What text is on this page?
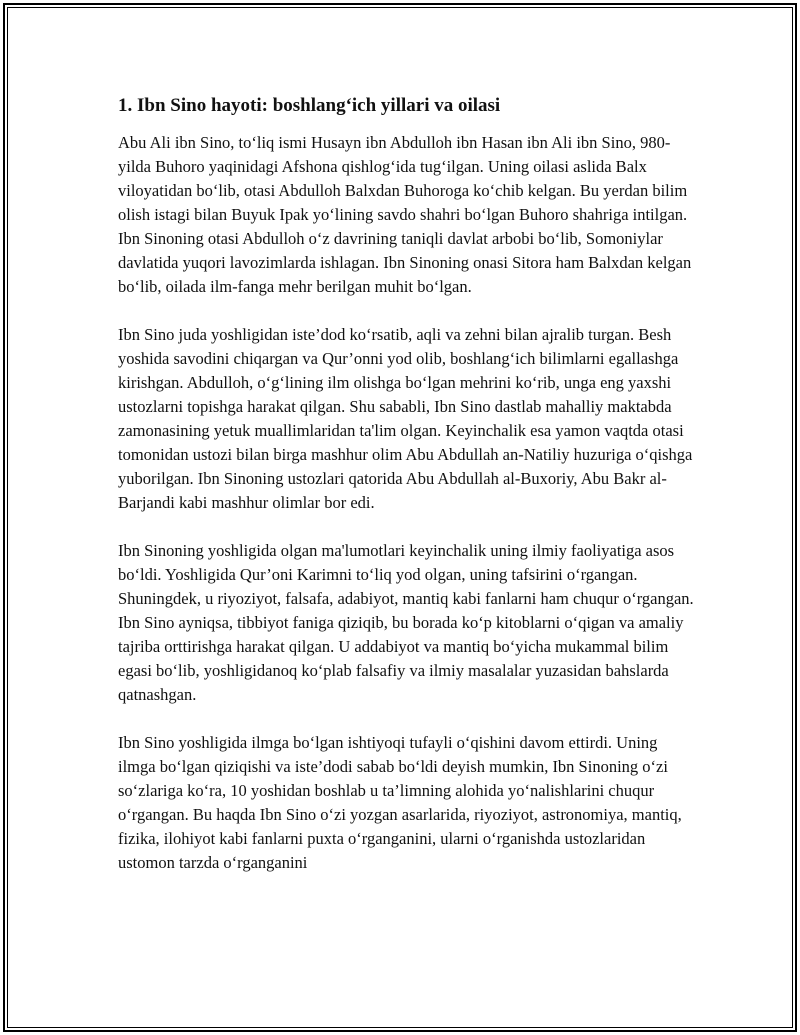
1. Ibn Sino hayoti: boshlang‘ich yillari va oilasi

Abu Ali ibn Sino, to‘liq ismi Husayn ibn Abdulloh ibn Hasan ibn Ali ibn Sino, 980-yilda Buhoro yaqinidagi Afshona qishlog‘ida tug‘ilgan. Uning oilasi aslida Balx viloyatidan bo‘lib, otasi Abdulloh Balxdan Buhoroga ko‘chib kelgan. Bu yerdan bilim olish istagi bilan Buyuk Ipak yo‘lining savdo shahri bo‘lgan Buhoro shahriga intilgan. Ibn Sinoning otasi Abdulloh o‘z davrining taniqli davlat arbobi bo‘lib, Somoniylar davlatida yuqori lavozimlarda ishlagan. Ibn Sinoning onasi Sitora ham Balxdan kelgan bo‘lib, oilada ilm-fanga mehr berilgan muhit bo‘lgan.

Ibn Sino juda yoshligidan iste’dod ko‘rsatib, aqli va zehni bilan ajralib turgan. Besh yoshida savodini chiqargan va Qur’onni yod olib, boshlang‘ich bilimlarni egallashga kirishgan. Abdulloh, o‘g‘lining ilm olishga bo‘lgan mehrini ko‘rib, unga eng yaxshi ustozlarni topishga harakat qilgan. Shu sababli, Ibn Sino dastlab mahalliy maktabda zamonasining yetuk muallimlaridan ta'lim olgan. Keyinchalik esa yamon vaqtda otasi tomonidan ustozi bilan birga mashhur olim Abu Abdullah an-Natiliy huzuriga o‘qishga yuborilgan. Ibn Sinoning ustozlari qatorida Abu Abdullah al-Buxoriy, Abu Bakr al-Barjandi kabi mashhur olimlar bor edi.

Ibn Sinoning yoshligida olgan ma'lumotlari keyinchalik uning ilmiy faoliyatiga asos bo‘ldi. Yoshligida Qur’oni Karimni to‘liq yod olgan, uning tafsirini o‘rgangan. Shuningdek, u riyoziyot, falsafa, adabiyot, mantiq kabi fanlarni ham chuqur o‘rgangan. Ibn Sino ayniqsa, tibbiyot faniga qiziqib, bu borada ko‘p kitoblarni o‘qigan va amaliy tajriba orttirishga harakat qilgan. U addabiyot va mantiq bo‘yicha mukammal bilim egasi bo‘lib, yoshligidanoq ko‘plab falsafiy va ilmiy masalalar yuzasidan bahslarda qatnashgan.

Ibn Sino yoshligida ilmga bo‘lgan ishtiyoqi tufayli o‘qishini davom ettirdi. Uning ilmga bo‘lgan qiziqishi va iste’dodi sabab bo‘ldi deyish mumkin, Ibn Sinoning o‘zi so‘zlariga ko‘ra, 10 yoshidan boshlab u ta’limning alohida yo‘nalishlarini chuqur o‘rgangan. Bu haqda Ibn Sino o‘zi yozgan asarlarida, riyoziyot, astronomiya, mantiq, fizika, ilohiyot kabi fanlarni puxta o‘rganganini, ularni o‘rganishda ustozlaridan ustomon tarzda o‘rganganini
